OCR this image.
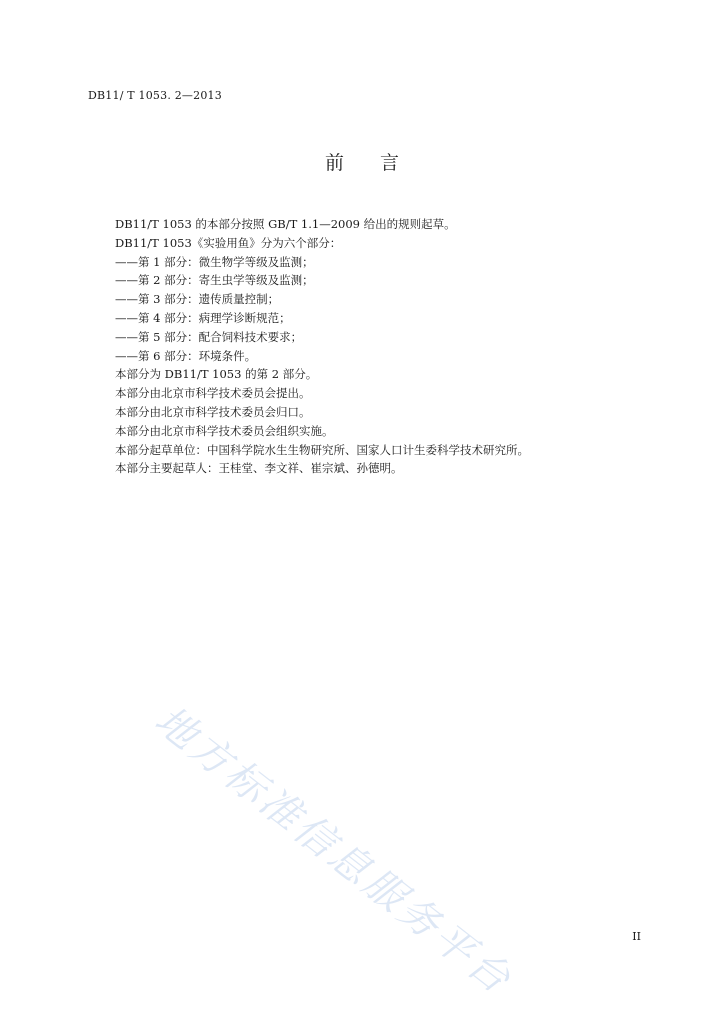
DB11/ T 1053. 2—2013
前言
DB11/T 1053 的本部分按照 GB/T 1.1—2009 给出的规则起草。
DB11/T 1053《实验用鱼》分为六个部分：
——第 1 部分：微生物学等级及监测；
——第 2 部分：寄生虫学等级及监测；
——第 3 部分：遗传质量控制；
——第 4 部分：病理学诊断规范；
——第 5 部分：配合饲料技术要求；
——第 6 部分：环境条件。
本部分为 DB11/T 1053 的第 2 部分。
本部分由北京市科学技术委员会提出。
本部分由北京市科学技术委员会归口。
本部分由北京市科学技术委员会组织实施。
本部分起草单位：中国科学院水生生物研究所、国家人口计生委科学技术研究所。
本部分主要起草人：王桂堂、李文祥、崔宗斌、孙德明。
地方标准信息服务平台	II
